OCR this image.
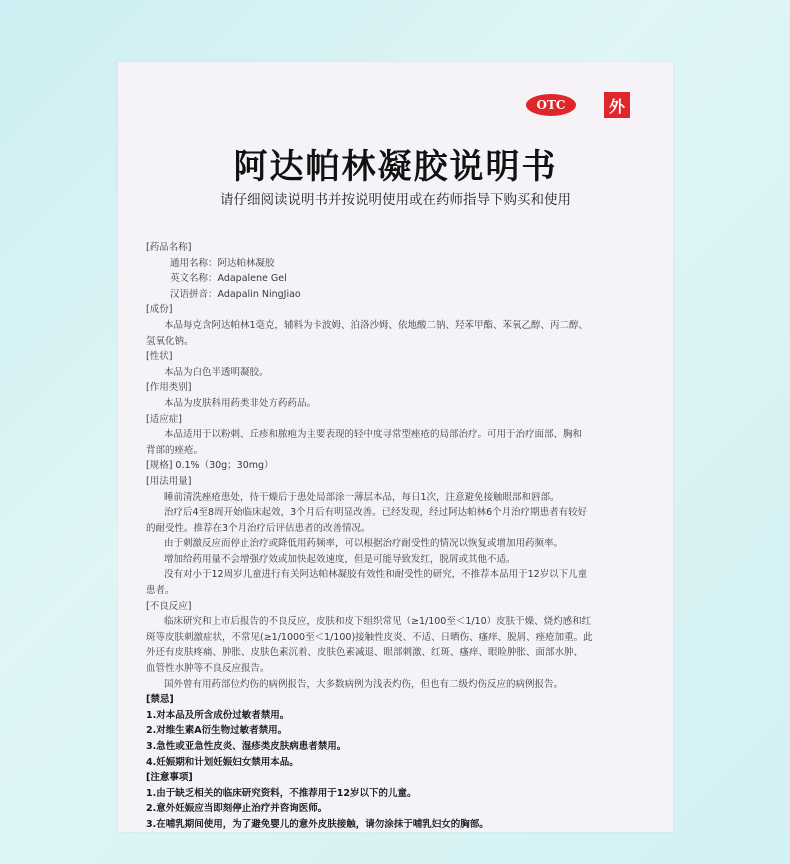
OTC	外
阿达帕林凝胶说明书
请仔细阅读说明书并按说明使用或在药师指导下购买和使用
[药品名称]
通用名称：阿达帕林凝胶
英文名称：Adapalene Gel
汉语拼音：Adapalin NingJiao
[成份]
本品每克含阿达帕林1毫克，辅料为卡波姆、泊洛沙姆、依地酸二钠、羟苯甲酯、苯氧乙醇、丙二醇、
氢氧化钠。
[性状]
本品为白色半透明凝胶。
[作用类别]
本品为皮肤科用药类非处方药药品。
[适应症]
本品适用于以粉刺、丘疹和脓疱为主要表现的轻中度寻常型痤疮的局部治疗。可用于治疗面部、胸和
背部的痤疮。
[规格] 0.1%（30g；30mg）
[用法用量]
睡前清洗痤疮患处，待干燥后于患处局部涂一薄层本品，每日1次，注意避免接触眼部和唇部。
治疗后4至8周开始临床起效，3个月后有明显改善。已经发现，经过阿达帕林6个月治疗期患者有较好
的耐受性。推荐在3个月治疗后评估患者的改善情况。
由于刺激反应而停止治疗或降低用药频率，可以根据治疗耐受性的情况以恢复或增加用药频率。
增加给药用量不会增强疗效或加快起效速度，但是可能导致发红，脱屑或其他不适。
没有对小于12周岁儿童进行有关阿达帕林凝胶有效性和耐受性的研究，不推荐本品用于12岁以下儿童
患者。
[不良反应]
临床研究和上市后报告的不良反应，皮肤和皮下组织常见（≥1/100至＜1/10）皮肤干燥、烧灼感和红
斑等皮肤刺激症状，不常见(≥1/1000至＜1/100)接触性皮炎、不适、日晒伤、瘙痒、脱屑、痤疮加重。此
外还有皮肤疼痛、肿胀、皮肤色素沉着、皮肤色素减退、眼部刺激、红斑、瘙痒、眼睑肿胀、面部水肿、
血管性水肿等不良反应报告。
国外曾有用药部位灼伤的病例报告，大多数病例为浅表灼伤，但也有二级灼伤反应的病例报告。
[禁忌]
1.对本品及所含成份过敏者禁用。
2.对维生素A衍生物过敏者禁用。
3.急性或亚急性皮炎、湿疹类皮肤病患者禁用。
4.妊娠期和计划妊娠妇女禁用本品。
[注意事项]
1.由于缺乏相关的临床研究资料，不推荐用于12岁以下的儿童。
2.意外妊娠应当即刻停止治疗并咨询医师。
3.在哺乳期间使用，为了避免婴儿的意外皮肤接触，请勿涂抹于哺乳妇女的胸部。
